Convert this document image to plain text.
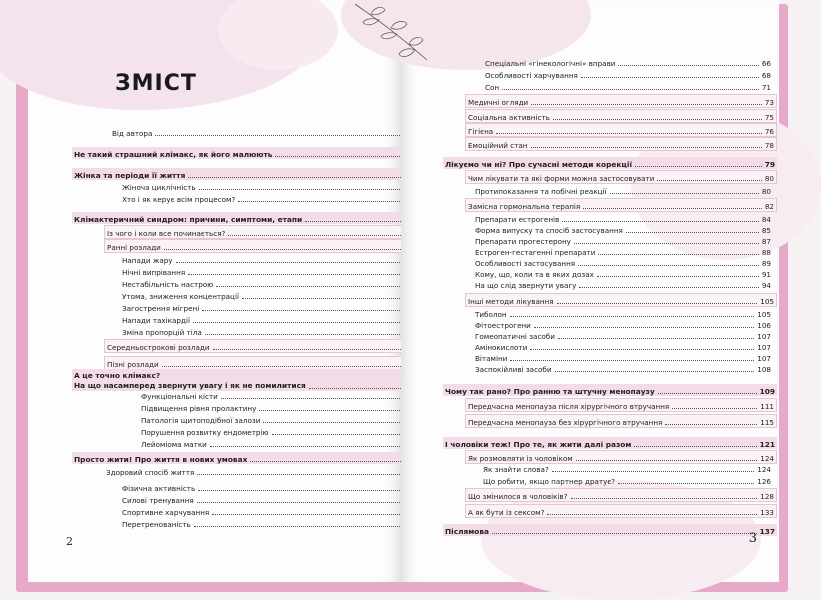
ЗМІСТ
Від автора
Не такий страшний клімакс, як його малюють
Жінка та періоди її життя
Жіноча циклічність
Хто і як керує всім процесом?
Клімактеричний синдром: причини, симптоми, етапи
Із чого і коли все починається?
Ранні розлади
Напади жару
Нічні випрівання
Нестабільність настрою
Утома, зниження концентрації
Загострення мігрені
Напади тахікардії
Зміна пропорцій тіла
Середньострокові розлади
Пізні розлади
А це точно клімакс?
На що насамперед звернути увагу і як не помилитися
Функціональні кісти
Підвищення рівня пролактину
Патологія щитоподібної залози
Порушення розвитку ендометрію
Лейоміома матки
Просто жити! Про життя в нових умовах
Здоровий спосіб життя
Фізична активність
Силові тренування
Спортивне харчування
Перетренованість
2
Спеціальні «гінекологічні» вправи	66
Особливості харчування	68
Сон	71
Медичні огляди	73
Соціальна активність	75
Гігієна	76
Емоційний стан	78
Лікуємо чи ні? Про сучасні методи корекції	79
Чим лікувати та які форми можна застосовувати	80
Протипоказання та побічні реакції	80
Замісна гормональна терапія	82
Препарати естрогенів	84
Форма випуску та спосіб застосування	85
Препарати прогестерону	87
Естроген-гестагенні препарати	88
Особливості застосування	89
Кому, що, коли та в яких дозах	91
На що слід звернути увагу	94
Інші методи лікування	105
Тиболон	105
Фітоестрогени	106
Гомеопатичні засоби	107
Амінокислоти	107
Вітаміни	107
Заспокійливі засоби	108
Чому так рано? Про ранню та штучну менопаузу	109
Передчасна менопауза після хірургічного втручання	111
Передчасна менопауза без хірургічного втручання	115
І чоловіки теж! Про те, як жити далі разом	121
Як розмовляти із чоловіком	124
Як знайти слова?	124
Що робити, якщо партнер дратує?	126
Що змінилося в чоловіків?	128
А як бути із сексом?	133
Післямова	137
3
